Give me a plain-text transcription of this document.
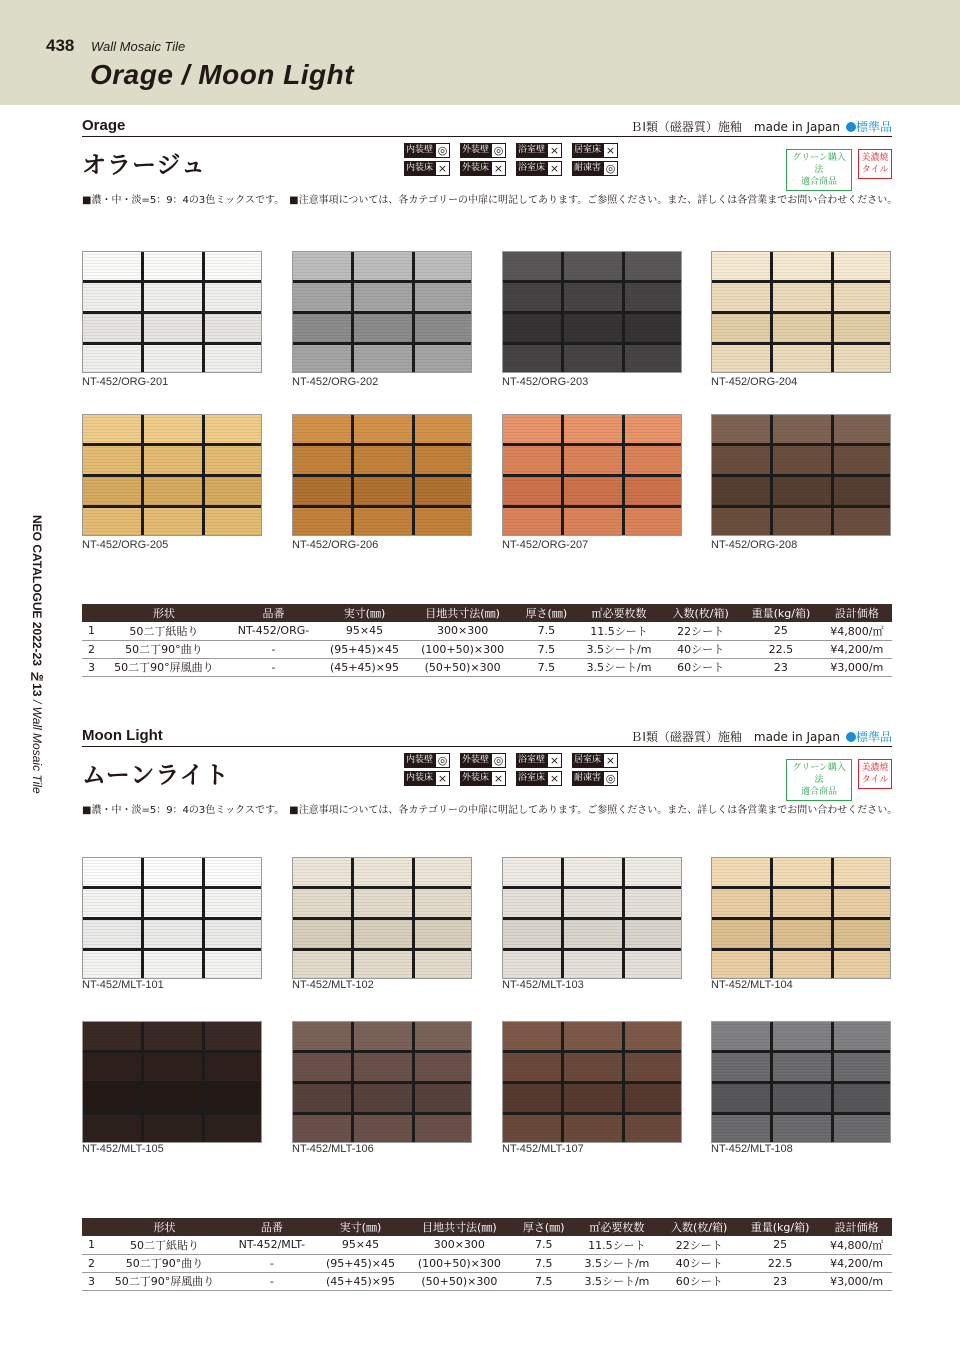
438 Wall Mosaic Tile
Orage / Moon Light
NEO CATALOGUE 2022-23 №13 / Wall Mosaic Tile
Orage	ＢⅠ類（磁器質）施釉　made in Japan 標準品
オラージュ
内装壁 ◎	外装壁 ◎	浴室壁 ×	居室床 ×
内装床 ×	外装床 ×	浴室床 ×	耐凍害 ◎
グリーン購入法
適合商品
美濃焼
タイル
■濃・中・淡=5：9：4の3色ミックスです。　■注意事項については、各カテゴリーの中扉に明記してあります。ご参照ください。また、詳しくは各営業までお問い合わせください。
NT-452/ORG-201	NT-452/ORG-202	NT-452/ORG-203	NT-452/ORG-204
NT-452/ORG-205	NT-452/ORG-206	NT-452/ORG-207	NT-452/ORG-208
	形状	品番	実寸(㎜)	目地共寸法(㎜)	厚さ(㎜)	㎡必要枚数	入数(枚/箱)	重量(kg/箱)	設計価格
1	50二丁紙貼り	NT-452/ORG-	95×45	300×300	7.5	11.5シート	22シート	25	¥4,800/㎡
2	50二丁90°曲り	-	(95+45)×45	(100+50)×300	7.5	3.5シート/m	40シート	22.5	¥4,200/m
3	50二丁90°屏風曲り	-	(45+45)×95	(50+50)×300	7.5	3.5シート/m	60シート	23	¥3,000/m
Moon Light	ＢⅠ類（磁器質）施釉　made in Japan 標準品
ムーンライト
内装壁 ◎	外装壁 ◎	浴室壁 ×	居室床 ×
内装床 ×	外装床 ×	浴室床 ×	耐凍害 ◎
グリーン購入法
適合商品
美濃焼
タイル
■濃・中・淡=5：9：4の3色ミックスです。　■注意事項については、各カテゴリーの中扉に明記してあります。ご参照ください。また、詳しくは各営業までお問い合わせください。
NT-452/MLT-101	NT-452/MLT-102	NT-452/MLT-103	NT-452/MLT-104
NT-452/MLT-105	NT-452/MLT-106	NT-452/MLT-107	NT-452/MLT-108
	形状	品番	実寸(㎜)	目地共寸法(㎜)	厚さ(㎜)	㎡必要枚数	入数(枚/箱)	重量(kg/箱)	設計価格
1	50二丁紙貼り	NT-452/MLT-	95×45	300×300	7.5	11.5シート	22シート	25	¥4,800/㎡
2	50二丁90°曲り	-	(95+45)×45	(100+50)×300	7.5	3.5シート/m	40シート	22.5	¥4,200/m
3	50二丁90°屏風曲り	-	(45+45)×95	(50+50)×300	7.5	3.5シート/m	60シート	23	¥3,000/m
